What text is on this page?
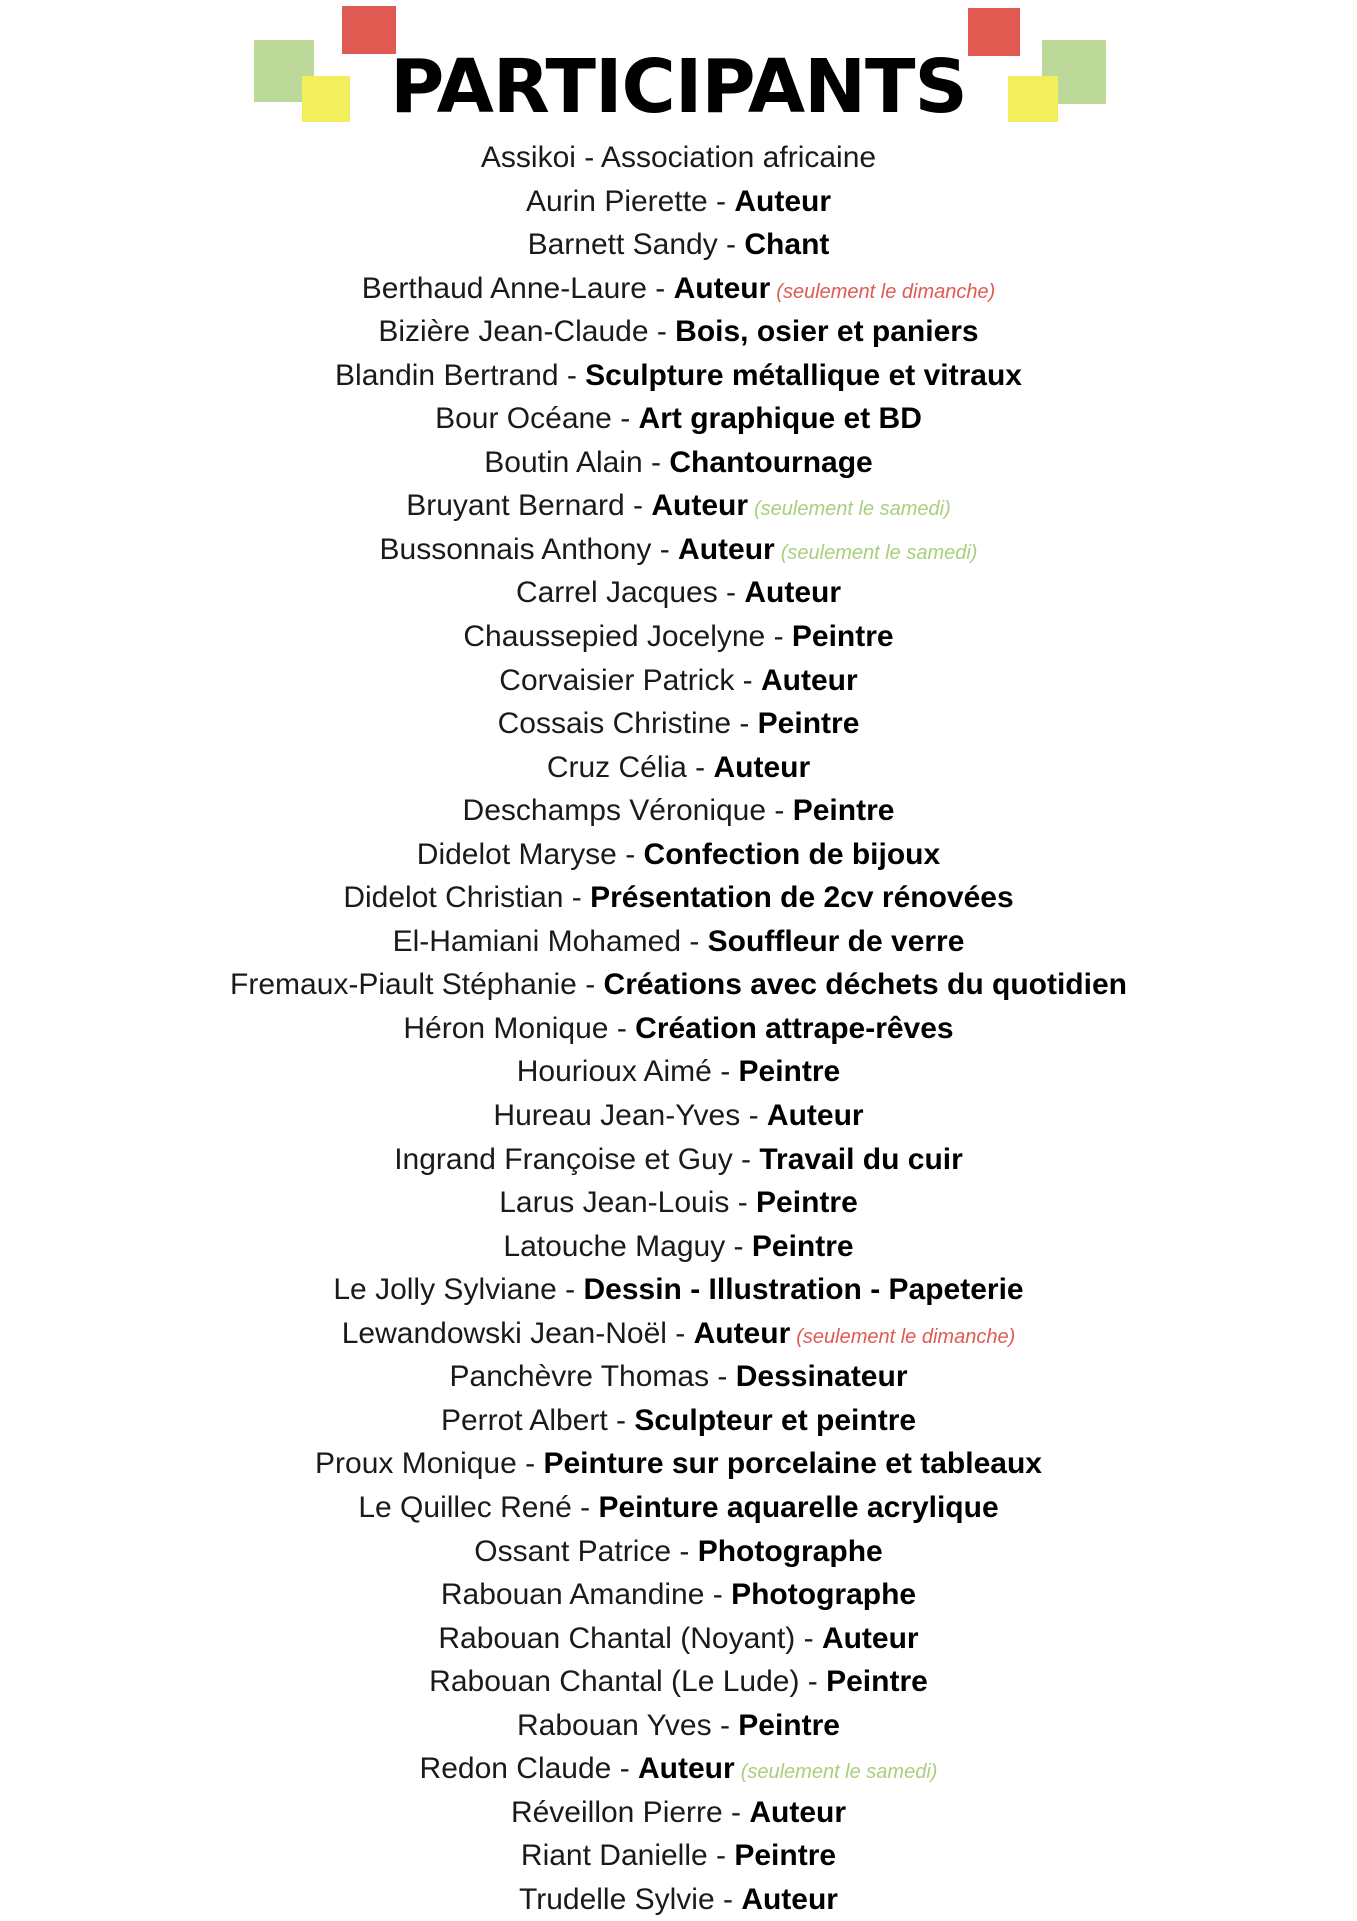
PARTICIPANTS
Assikoi - Association africaine
Aurin Pierette - Auteur
Barnett Sandy - Chant
Berthaud Anne-Laure - Auteur (seulement le dimanche)
Bizière Jean-Claude - Bois, osier et paniers
Blandin Bertrand - Sculpture métallique et vitraux
Bour Océane - Art graphique et BD
Boutin Alain - Chantournage
Bruyant Bernard - Auteur (seulement le samedi)
Bussonnais Anthony - Auteur (seulement le samedi)
Carrel Jacques - Auteur
Chaussepied Jocelyne - Peintre
Corvaisier Patrick - Auteur
Cossais Christine - Peintre
Cruz Célia - Auteur
Deschamps Véronique - Peintre
Didelot Maryse - Confection de bijoux
Didelot Christian - Présentation de 2cv rénovées
El-Hamiani Mohamed - Souffleur de verre
Fremaux-Piault Stéphanie - Créations avec déchets du quotidien
Héron Monique - Création attrape-rêves
Hourioux Aimé - Peintre
Hureau Jean-Yves - Auteur
Ingrand Françoise et Guy - Travail du cuir
Larus Jean-Louis - Peintre
Latouche Maguy - Peintre
Le Jolly Sylviane - Dessin - Illustration - Papeterie
Lewandowski Jean-Noël - Auteur (seulement le dimanche)
Panchèvre Thomas - Dessinateur
Perrot Albert - Sculpteur et peintre
Proux Monique - Peinture sur porcelaine et tableaux
Le Quillec René - Peinture aquarelle acrylique
Ossant Patrice - Photographe
Rabouan Amandine - Photographe
Rabouan Chantal (Noyant) - Auteur
Rabouan Chantal (Le Lude) - Peintre
Rabouan Yves - Peintre
Redon Claude - Auteur (seulement le samedi)
Réveillon Pierre - Auteur
Riant Danielle - Peintre
Trudelle Sylvie - Auteur
